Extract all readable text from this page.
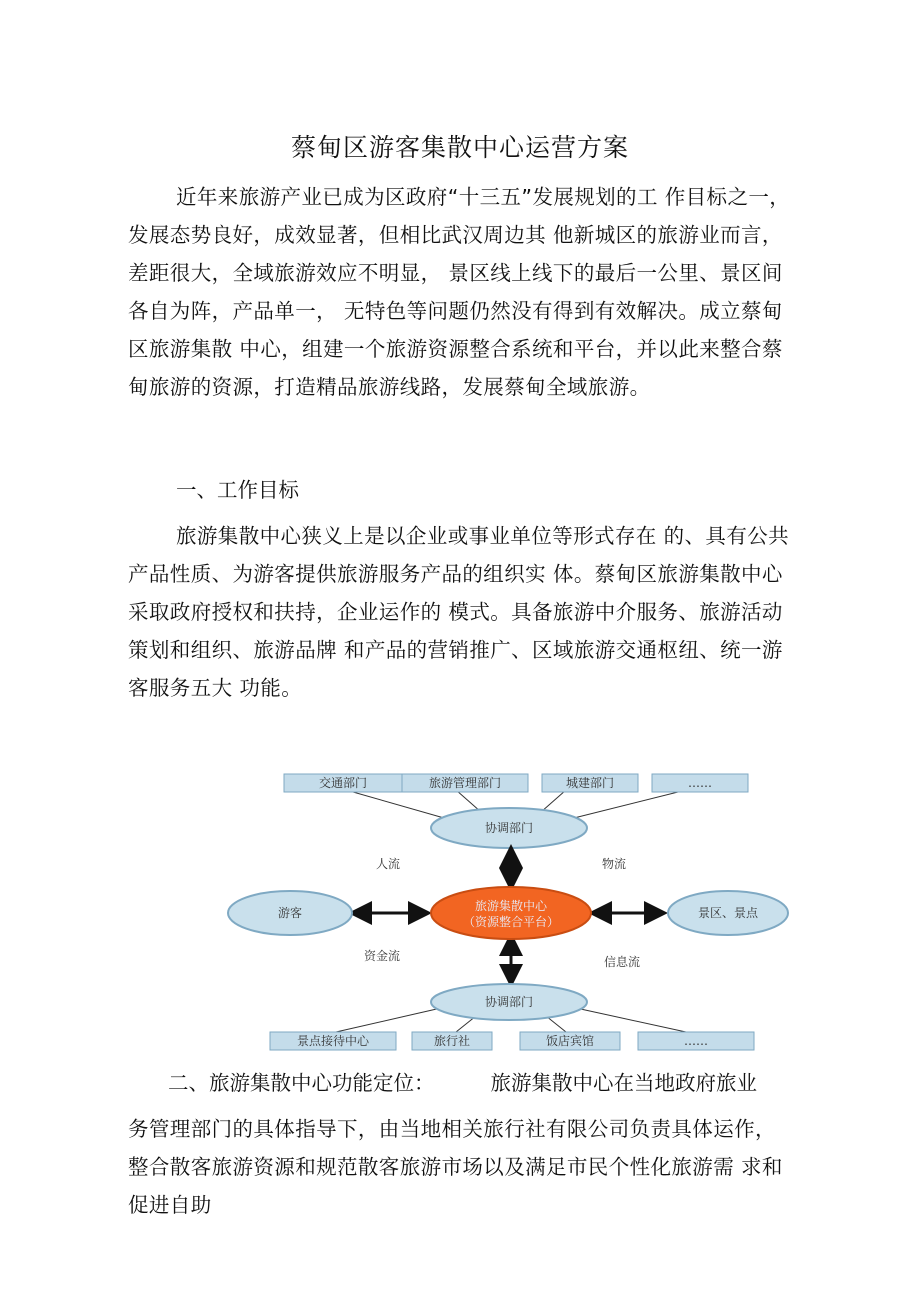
蔡甸区游客集散中心运营方案
近年来旅游产业已成为区政府“十三五”发展规划的工 作目标之一，发展态势良好，成效显著，但相比武汉周边其 他新城区的旅游业而言，差距很大，全域旅游效应不明显， 景区线上线下的最后一公里、景区间各自为阵，产品单一， 无特色等问题仍然没有得到有效解决。成立蔡甸区旅游集散 中心，组建一个旅游资源整合系统和平台，并以此来整合蔡 甸旅游的资源，打造精品旅游线路，发展蔡甸全域旅游。
一、工作目标
旅游集散中心狭义上是以企业或事业单位等形式存在 的、具有公共产品性质、为游客提供旅游服务产品的组织实 体。蔡甸区旅游集散中心采取政府授权和扶持，企业运作的 模式。具备旅游中介服务、旅游活动策划和组织、旅游品牌 和产品的营销推广、区域旅游交通枢纽、统一游客服务五大 功能。
交通部门	旅游管理部门	城建部门	……
协调部门
旅游集散中心
（资源整合平台）
游客	景区、景点
协调部门
景点接待中心	旅行社	饭店宾馆	……
人流	物流
资金流	信息流
二、旅游集散中心功能定位：	旅游集散中心在当地政府旅业
务管理部门的具体指导下，由当地相关旅行社有限公司负责具体运作， 整合散客旅游资源和规范散客旅游市场以及满足市民个性化旅游需 求和促进自助
